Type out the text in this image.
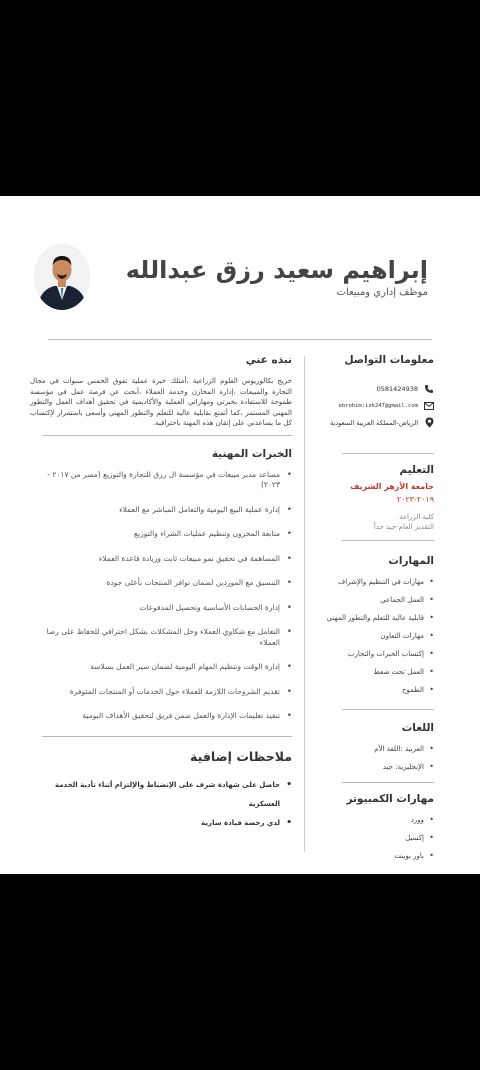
إبراهيم سعيد رزق عبدالله
موظف إداري ومبيعات
معلومات التواصل
0581424938
ebrohim:izk247@gmail.com
الرياض-المملكة العربية السعودية
التعليم
جامعة الأزهر الشريف
٢٠١٩-٢٠٢٣
كلية الزراعة
التقدير العام-جيد جداً
المهارات
• مهارات في التنظيم والإشراف
• العمل الجماعي
• قابلية عالية للتعلم والتطور المهني
• مهارات التعاون
• إكتساب الخبرات والتجارب
• العمل تحت ضغط
• الطموح
اللغات
• العربية :اللغة الأم
• الإنجليزية: جيد
مهارات الكمبيوتر
• وورد
• إكسيل
• باور بوينت
نبذه عني

خريج بكالوريوس العلوم الزراعية ،أمتلك خبرة عملية تفوق الخمس سنوات في مجال التجارة والمبيعات ،إدارة المخازن وخدمة العملاء ،أبحث عن فرصة عمل في مؤسسة طموحة للاستفادة بخبرتي ومهاراتي العملية والأكاديمية في تحقيق أهداف العمل والتطور المهني المستمر ،كما أتمتع بقابلية عالية للتعلم والتطور المهني وأسعى باستمرار لإكتساب كل ما يساعدني على إتقان هذه المهنة باحترافية.

الخبرات المهنية
• مساعد مدير مبيعات في مؤسسة ال رزق للتجارة والتوزيع (مصر من ٢٠١٧ - ٢٠٢٣)
• إدارة عملية البيع اليومية والتعامل المباشر مع العملاء
• متابعة المخزون وتنظيم عمليات الشراء والتوزيع
• المساهمة في تحقيق نمو مبيعات ثابت وزيادة قاعدة العملاء
• التنسيق مع الموردين لضمان توافر المنتجات بأعلى جودة
• إدارة الحسابات الأساسية وتحصيل المدفوعات
• التعامل مع شكاوي العملاء وحل المشكلات بشكل احترافي للحفاظ على رضا العملاء
• إدارة الوقت وتنظيم المهام اليومية لضمان سير العمل بسلاسة
• تقديم الشروحات اللازمة للعملاء حول الخدمات أو المنتجات المتوفرة
• تنفيذ تعليمات الإدارة والعمل ضمن فريق لتحقيق الأهداف اليومية
ملاحظات إضافية
• حاصل على شهادة شرف على الإنضباط والإلتزام أثناء تأدية الخدمة العسكرية
• لدي رخصة قيادة سارية
